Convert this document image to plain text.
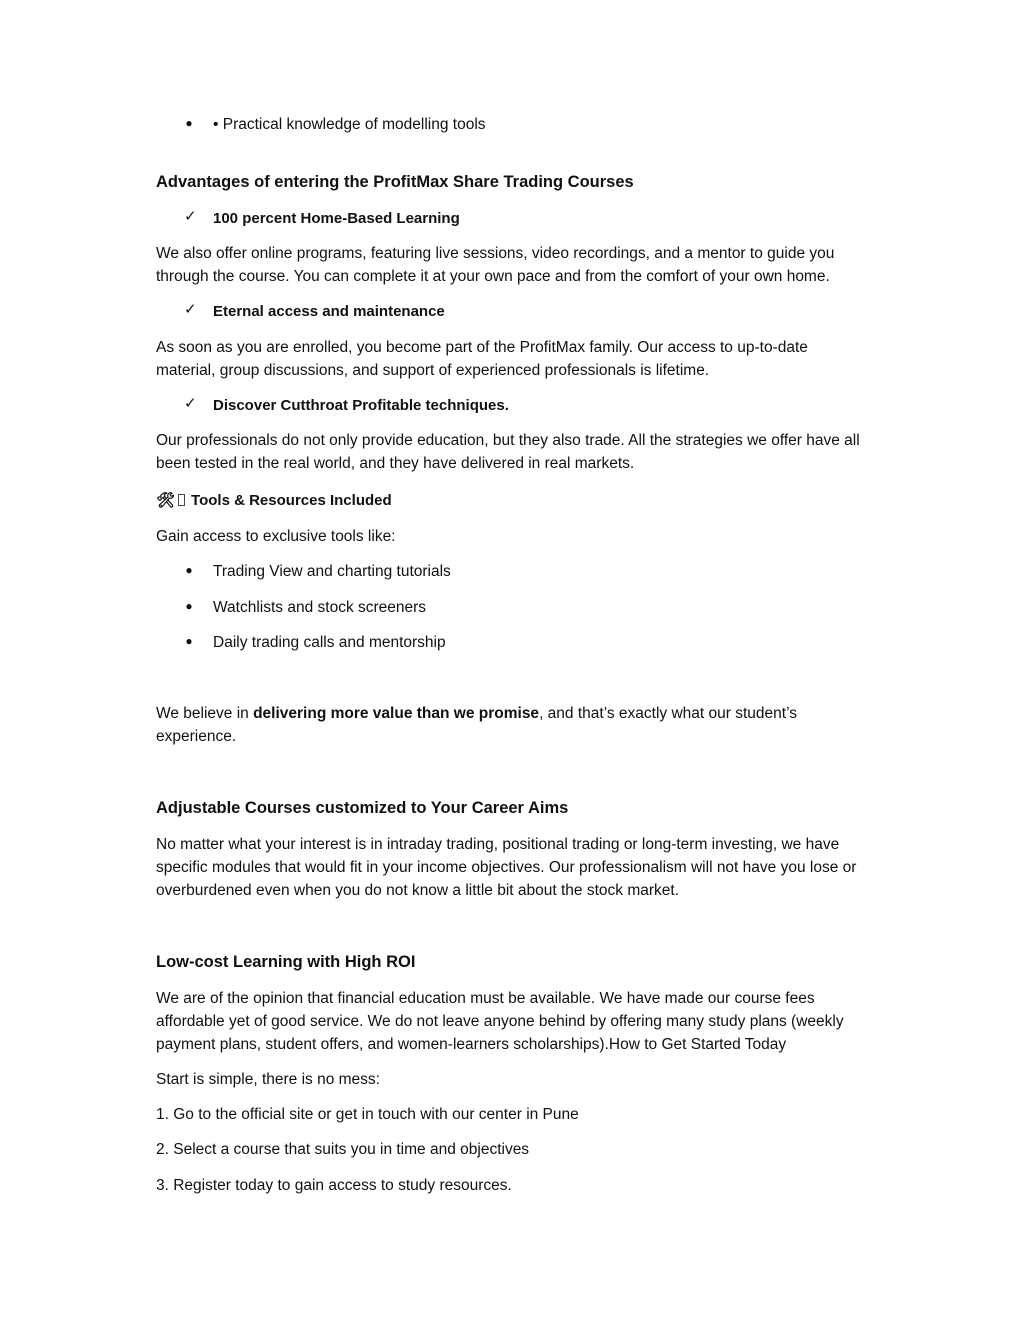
● • Practical knowledge of modelling tools
Advantages of entering the ProfitMax Share Trading Courses
✓ 100 percent Home-Based Learning
We also offer online programs, featuring live sessions, video recordings, and a mentor to guide you through the course. You can complete it at your own pace and from the comfort of your own home.
✓ Eternal access and maintenance
As soon as you are enrolled, you become part of the ProfitMax family. Our access to up-to-date material, group discussions, and support of experienced professionals is lifetime.
✓ Discover Cutthroat Profitable techniques.
Our professionals do not only provide education, but they also trade. All the strategies we offer have all been tested in the real world, and they have delivered in real markets.
🛠 Tools & Resources Included
Gain access to exclusive tools like:
● Trading View and charting tutorials
● Watchlists and stock screeners
● Daily trading calls and mentorship
We believe in delivering more value than we promise, and that’s exactly what our student’s experience.
Adjustable Courses customized to Your Career Aims
No matter what your interest is in intraday trading, positional trading or long-term investing, we have specific modules that would fit in your income objectives. Our professionalism will not have you lose or overburdened even when you do not know a little bit about the stock market.
Low-cost Learning with High ROI
We are of the opinion that financial education must be available. We have made our course fees affordable yet of good service. We do not leave anyone behind by offering many study plans (weekly payment plans, student offers, and women-learners scholarships).How to Get Started Today
Start is simple, there is no mess:
1. Go to the official site or get in touch with our center in Pune
2. Select a course that suits you in time and objectives
3. Register today to gain access to study resources.
